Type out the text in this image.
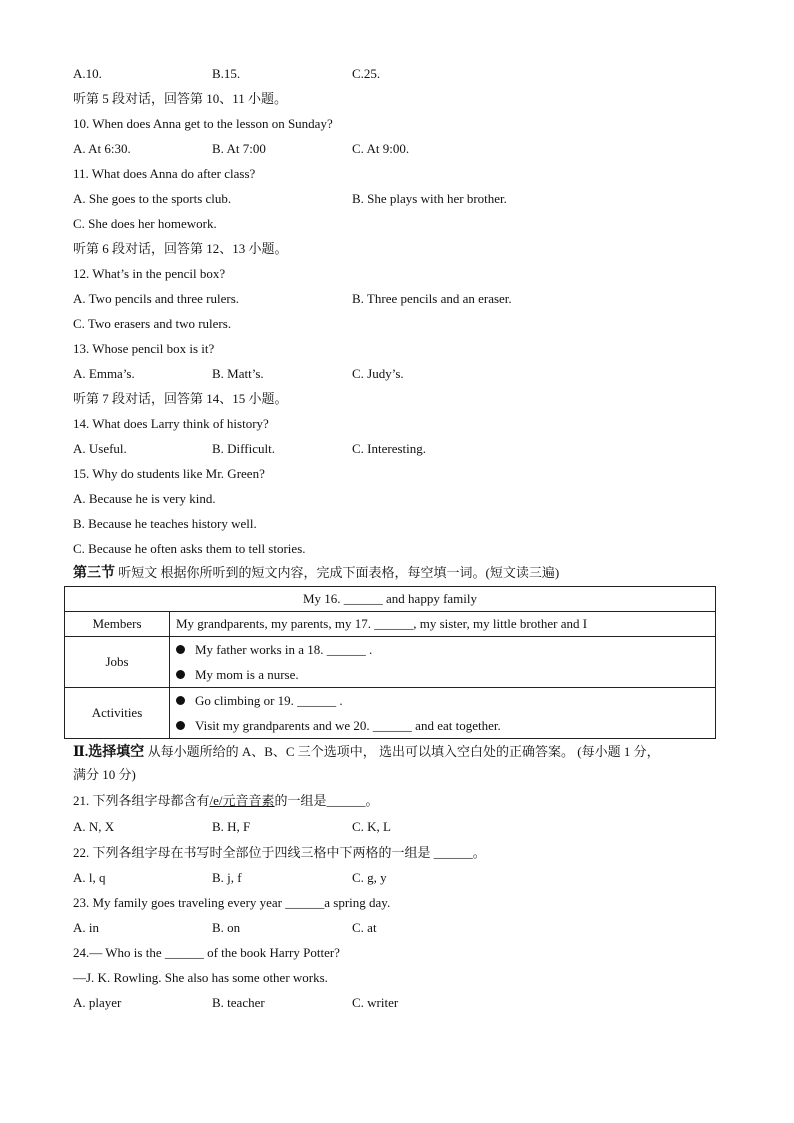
A.10.	B.15.	C.25.
听第 5 段对话，回答第 10、11 小题。
10. When does Anna get to the lesson on Sunday?
A. At 6:30.	B. At 7:00	C. At 9:00.
11. What does Anna do after class?
A. She goes to the sports club.	B. She plays with her brother.
C. She does her homework.
听第 6 段对话，回答第 12、13 小题。
12. What’s in the pencil box?
A. Two pencils and three rulers.	B. Three pencils and an eraser.
C. Two erasers and two rulers.
13. Whose pencil box is it?
A. Emma’s.	B. Matt’s.	C. Judy’s.
听第 7 段对话，回答第 14、15 小题。
14. What does Larry think of history?
A. Useful.	B. Difficult.	C. Interesting.
15. Why do students like Mr. Green?
A. Because he is very kind.
B. Because he teaches history well.
C. Because he often asks them to tell stories.
第三节 听短文 根据你所听到的短文内容，完成下面表格，每空填一词。(短文读三遍)
My 16. ______ and happy family	
Members	My grandparents, my parents, my 17. ______, my sister, my little brother and I
Jobs	My father works in a 18. ______ .
My mom is a nurse.

Activities	Go climbing or 19. ______ .
Visit my grandparents and we 20. ______ and eat together.
Ⅱ.选择填空 从每小题所给的 A、B、C 三个选项中， 选出可以填入空白处的正确答案。 (每小题 1 分，
满分 10 分)
21. 下列各组字母都含有/e/元音音素的一组是______。
A. N, X	B. H, F	C. K, L
22. 下列各组字母在书写时全部位于四线三格中下两格的一组是 ______。
A. l, q	B. j, f	C. g, y
23. My family goes traveling every year ______a spring day.
A. in	B. on	C. at
24.— Who is the ______ of the book Harry Potter?
—J. K. Rowling. She also has some other works.
A. player	B. teacher	C. writer
